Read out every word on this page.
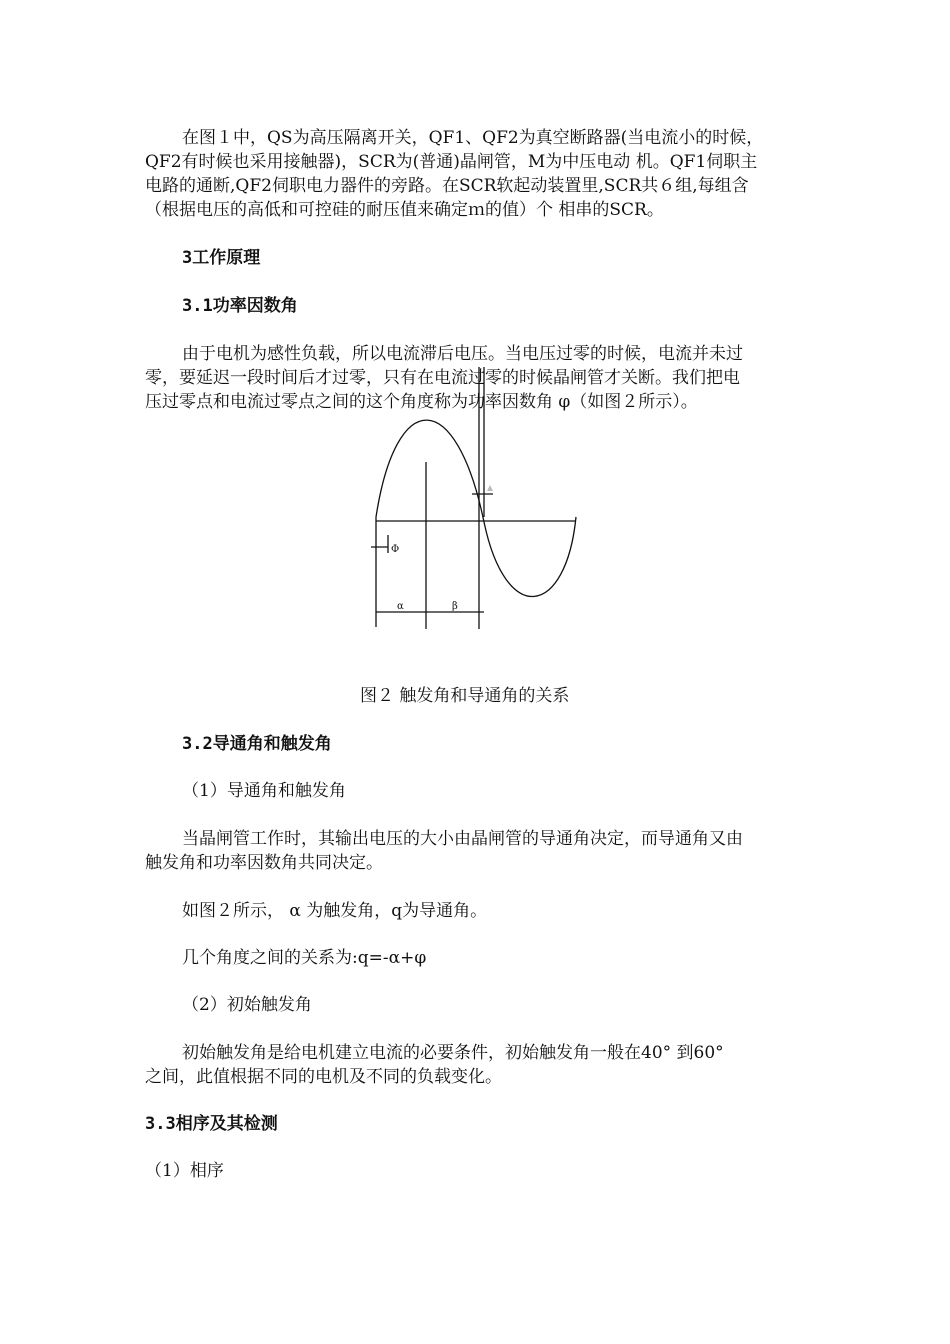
在图１中，QS为高压隔离开关，QF1、QF2为真空断路器(当电流小的时候，
QF2有时候也采用接触器)，SCR为(普通)晶闸管，M为中压电动 机。QF1伺职主
电路的通断,QF2伺职电力器件的旁路。在SCR软起动装置里,SCR共６组,每组含
（根据电压的高低和可控硅的耐压值来确定ｍ的值）个 相串的SCR。
3工作原理
3.1功率因数角
由于电机为感性负载，所以电流滞后电压。当电压过零的时候，电流并未过
零，要延迟一段时间后才过零，只有在电流过零的时候晶闸管才关断。我们把电
压过零点和电流过零点之间的这个角度称为功率因数角 φ（如图２所示）。
Φ
α	β
图２ 触发角和导通角的关系
3.2导通角和触发角
（1）导通角和触发角
当晶闸管工作时，其输出电压的大小由晶闸管的导通角决定，而导通角又由
触发角和功率因数角共同决定。
如图２所示， α 为触发角，q为导通角。
几个角度之间的关系为:q=-α+φ
（2）初始触发角
初始触发角是给电机建立电流的必要条件，初始触发角一般在40° 到60°
之间，此值根据不同的电机及不同的负载变化。
3.3相序及其检测
（1）相序
